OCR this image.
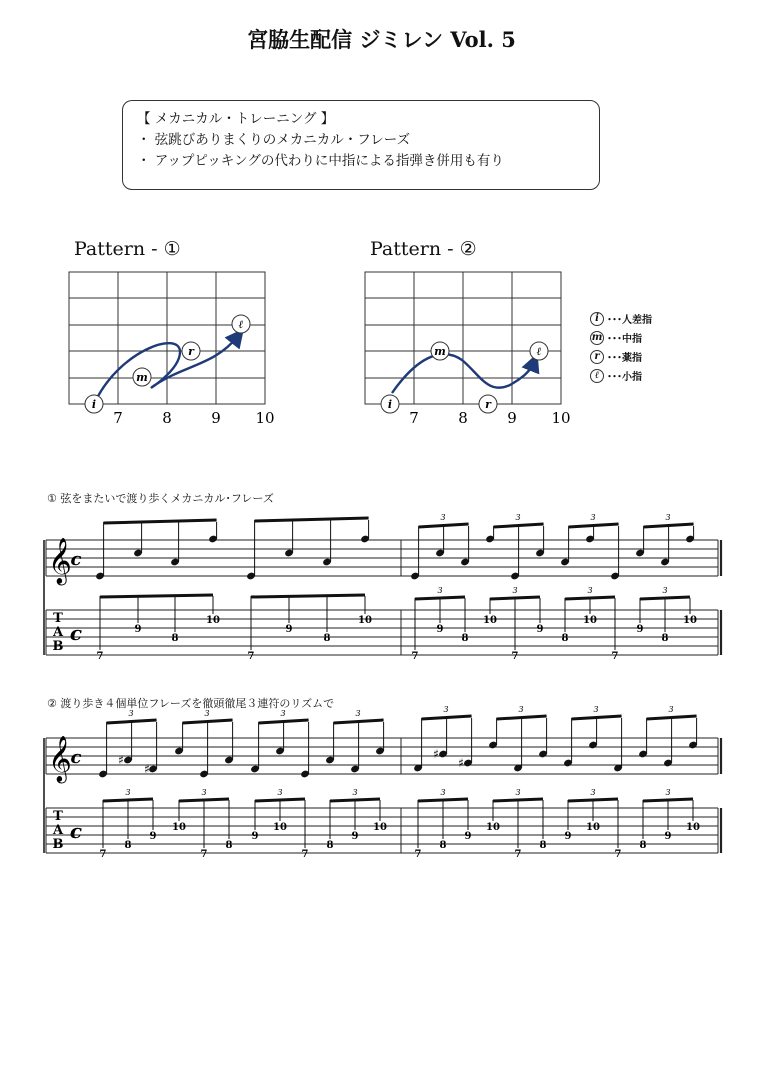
宮脇生配信 ジミレン Vol. 5
【 メカニカル・トレーニング 】
・ 弦跳びありまくりのメカニカル・フレーズ
・ アップピッキングの代わりに中指による指弾き併用も有り
Pattern - ①	Pattern - ②
i
m
r
ℓ
7	8	9 10
i
m
r
ℓ
7	8	9 10
i ･･･人差指
m ･･･中指
r ･･･薬指
ℓ ･･･小指
① 弦をまたいで渡り歩くメカニカル･フレーズ
② 渡り歩き４個単位フレーズを徹頭徹尾３連符のリズムで
𝄞
c
T
A
B
c
7
9
8
10
7
9
8
10
3
7
9
8
3
3
10
7
9
3
3
8
10
7
3
3
9
8
10
3
𝄞
c
T
A
B
c
3
7
8
9
3
3
10
7
8
3
3
9
10
7
3
3
8
9
10
3
3
7
8
9
3
3
10
7
8
3
3
9
10
7
3
3
8
9
10
3
♯
♯
♯
♯
